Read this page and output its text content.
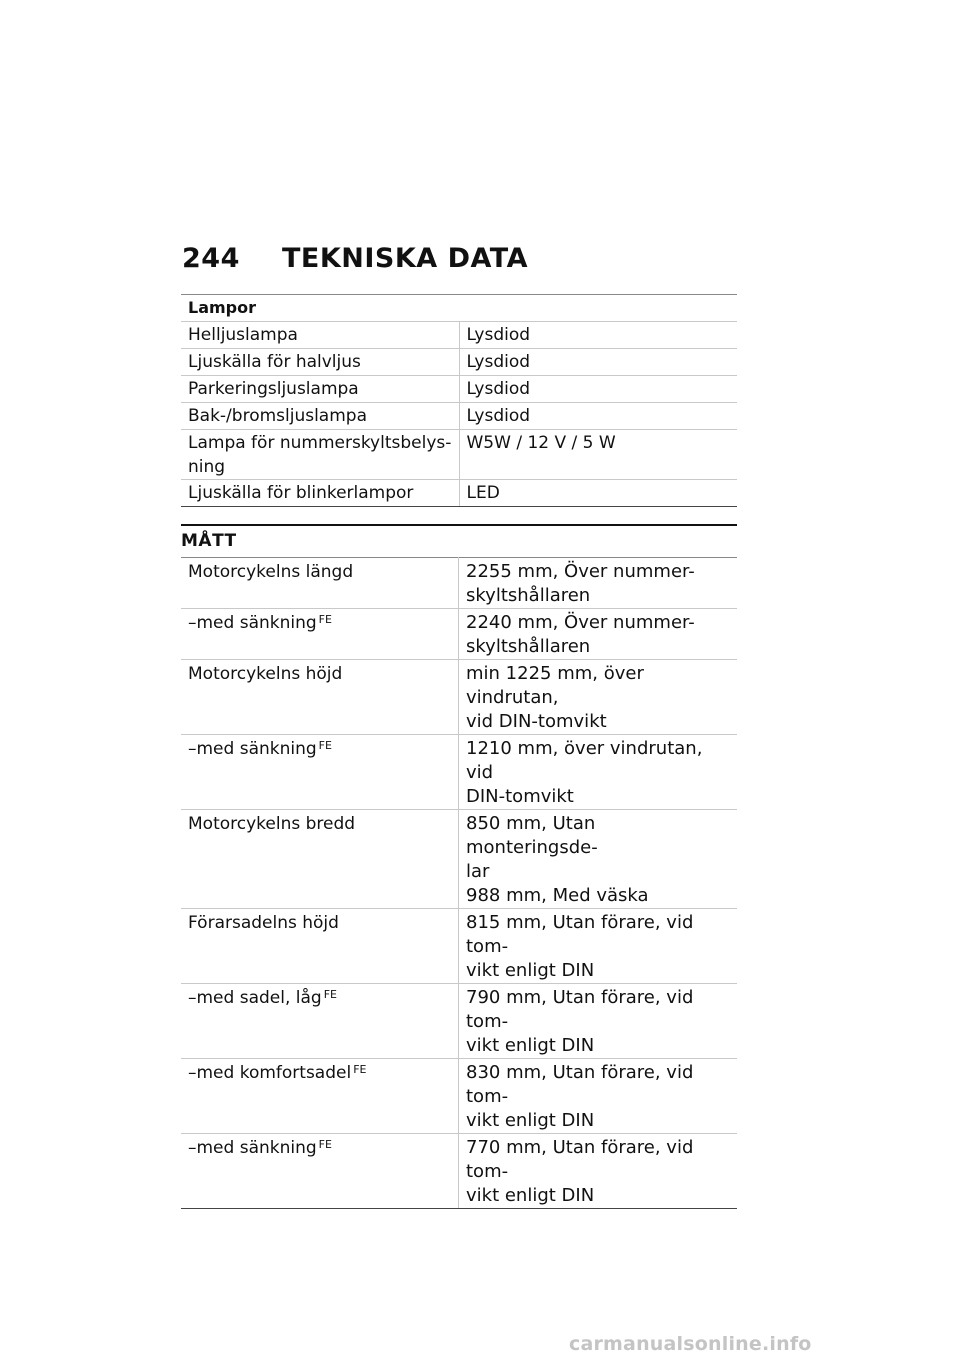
244	TEKNISKA DATA
Lampor	
Helljuslampa	Lysdiod
Ljuskälla för halvljus	Lysdiod
Parkeringsljuslampa	Lysdiod
Bak-/bromsljuslampa	Lysdiod
Lampa för nummerskyltsbelys-ning	W5W / 12 V / 5 W
Ljuskälla för blinkerlampor	LED
MÅTT
Motorcykelns längd	2255 mm, Över nummer-
skyltshållaren

–med sänkning $^{FE}$	2240 mm, Över nummer-
skyltshållaren

Motorcykelns höjd	min 1225 mm, över vindrutan,
vid DIN-tomvikt

–med sänkning $^{FE}$	1210 mm, över vindrutan, vid
DIN-tomvikt

Motorcykelns bredd	850 mm, Utan monteringsde-
lar
988 mm, Med väska

Förarsadelns höjd	815 mm, Utan förare, vid tom-
vikt enligt DIN

–med sadel, låg $^{FE}$	790 mm, Utan förare, vid tom-
vikt enligt DIN

–med komfortsadel $^{FE}$	830 mm, Utan förare, vid tom-
vikt enligt DIN

–med sänkning $^{FE}$	770 mm, Utan förare, vid tom-
vikt enligt DIN
carmanualsonline.info
